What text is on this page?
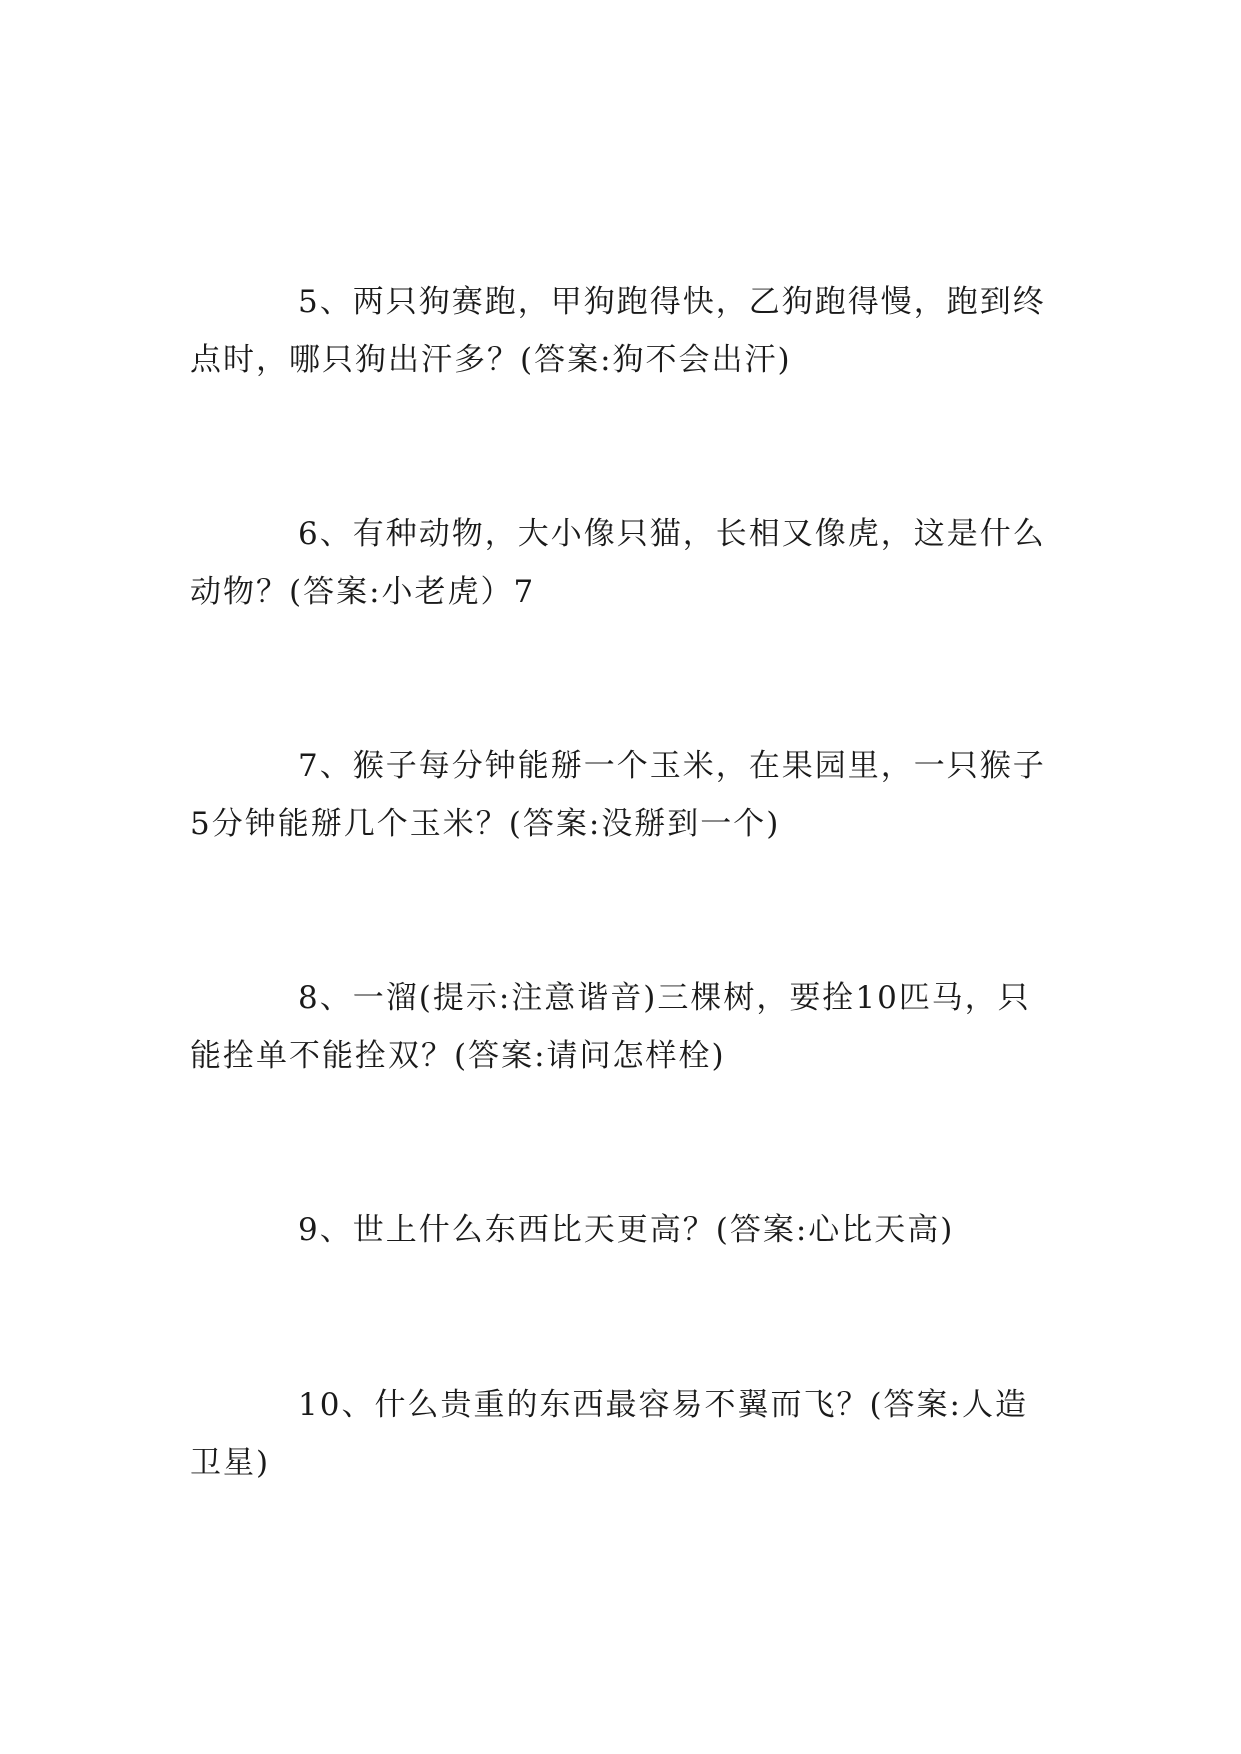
5、两只狗赛跑，甲狗跑得快，乙狗跑得慢，跑到终点时，哪只狗出汗多？(答案:狗不会出汗)

6、有种动物，大小像只猫，长相又像虎，这是什么动物？(答案:小老虎）7

7、猴子每分钟能掰一个玉米，在果园里，一只猴子5分钟能掰几个玉米？(答案:没掰到一个)

8、一溜(提示:注意谐音)三棵树，要拴10匹马，只能拴单不能拴双？(答案:请问怎样栓)

9、世上什么东西比天更高？(答案:心比天高)

10、什么贵重的东西最容易不翼而飞？(答案:人造卫星)
